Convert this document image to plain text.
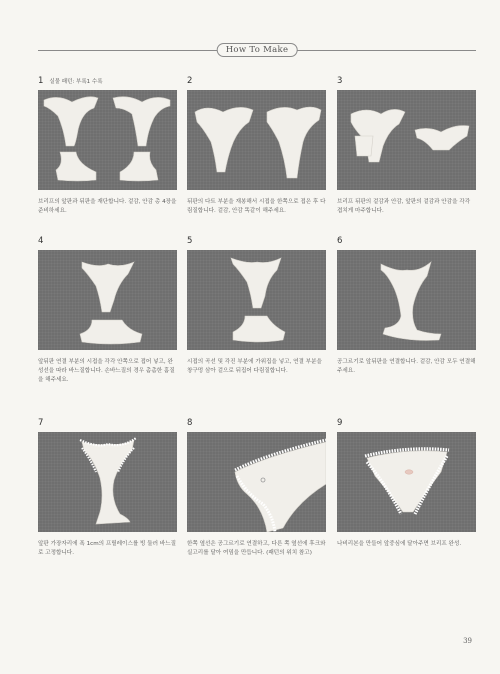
How To Make
1 실물 패턴: 부록1 수록
브리프의 앞판과 뒤판을 재단합니다. 겉감, 안감 총 4장을 준비하세요.
2
뒤판의 다트 부분을 재봉해서 시접을 한쪽으로 접은 후 다림질합니다. 겉감, 안감 똑같이 해주세요.
3
브리프 뒤판의 겉감과 안감, 앞판의 겉감과 안감을 각각 겹치게 마주합니다.
4
앞뒤판 연결 부분의 시접을 각각 안쪽으로 접어 넣고, 완성선을 따라 바느질합니다. 손바느질의 경우 촘촘한 홈질을 해주세요.
5
시접의 곡선 및 각진 부분에 가위집을 넣고, 연결 부분을 창구멍 삼아 겉으로 뒤집어 다림질합니다.
6
공그르기로 앞뒤판을 연결합니다. 겉감, 안감 모두 연결해주세요.
7
앞판 가장자리에 폭 1cm의 프릴레이스를 빙 둘러 바느질로 고정합니다.
8
한쪽 옆선은 공그르기로 연결하고, 다른 쪽 옆선에 후크와 실고리를 달아 여밈을 만듭니다. (패턴의 위치 참고)
9
나비리본을 만들어 앞중심에 달아주면 브리프 완성.
39
